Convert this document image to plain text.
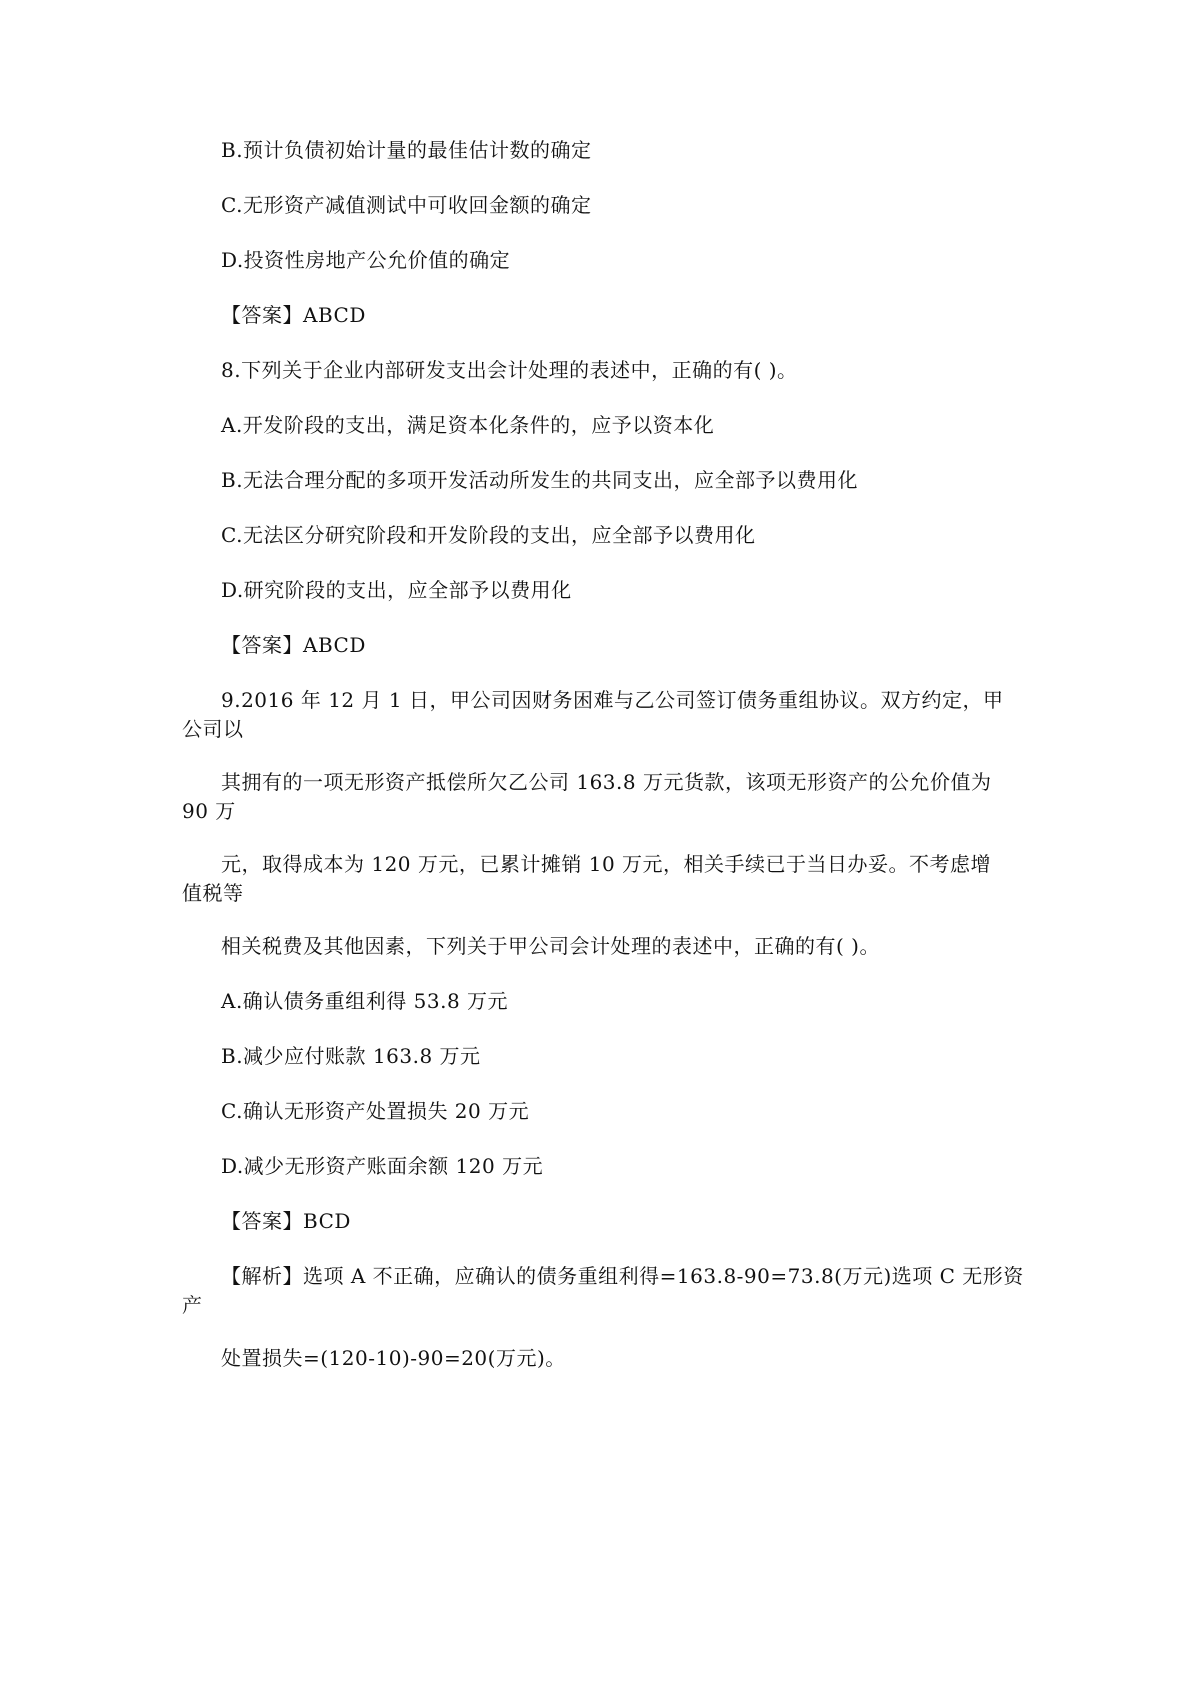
B.预计负债初始计量的最佳估计数的确定
C.无形资产减值测试中可收回金额的确定
D.投资性房地产公允价值的确定
【答案】ABCD
8.下列关于企业内部研发支出会计处理的表述中，正确的有( )。
A.开发阶段的支出，满足资本化条件的，应予以资本化
B.无法合理分配的多项开发活动所发生的共同支出，应全部予以费用化
C.无法区分研究阶段和开发阶段的支出，应全部予以费用化
D.研究阶段的支出，应全部予以费用化
【答案】ABCD
9.2016 年 12 月 1 日，甲公司因财务困难与乙公司签订债务重组协议。双方约定，甲
公司以
其拥有的一项无形资产抵偿所欠乙公司 163.8 万元货款，该项无形资产的公允价值为
90 万
元，取得成本为 120 万元，已累计摊销 10 万元，相关手续已于当日办妥。不考虑增
值税等
相关税费及其他因素，下列关于甲公司会计处理的表述中，正确的有( )。
A.确认债务重组利得 53.8 万元
B.减少应付账款 163.8 万元
C.确认无形资产处置损失 20 万元
D.减少无形资产账面余额 120 万元
【答案】BCD
【解析】选项 A 不正确，应确认的债务重组利得=163.8-90=73.8(万元)选项 C 无形资
产
处置损失=(120-10)-90=20(万元)。
